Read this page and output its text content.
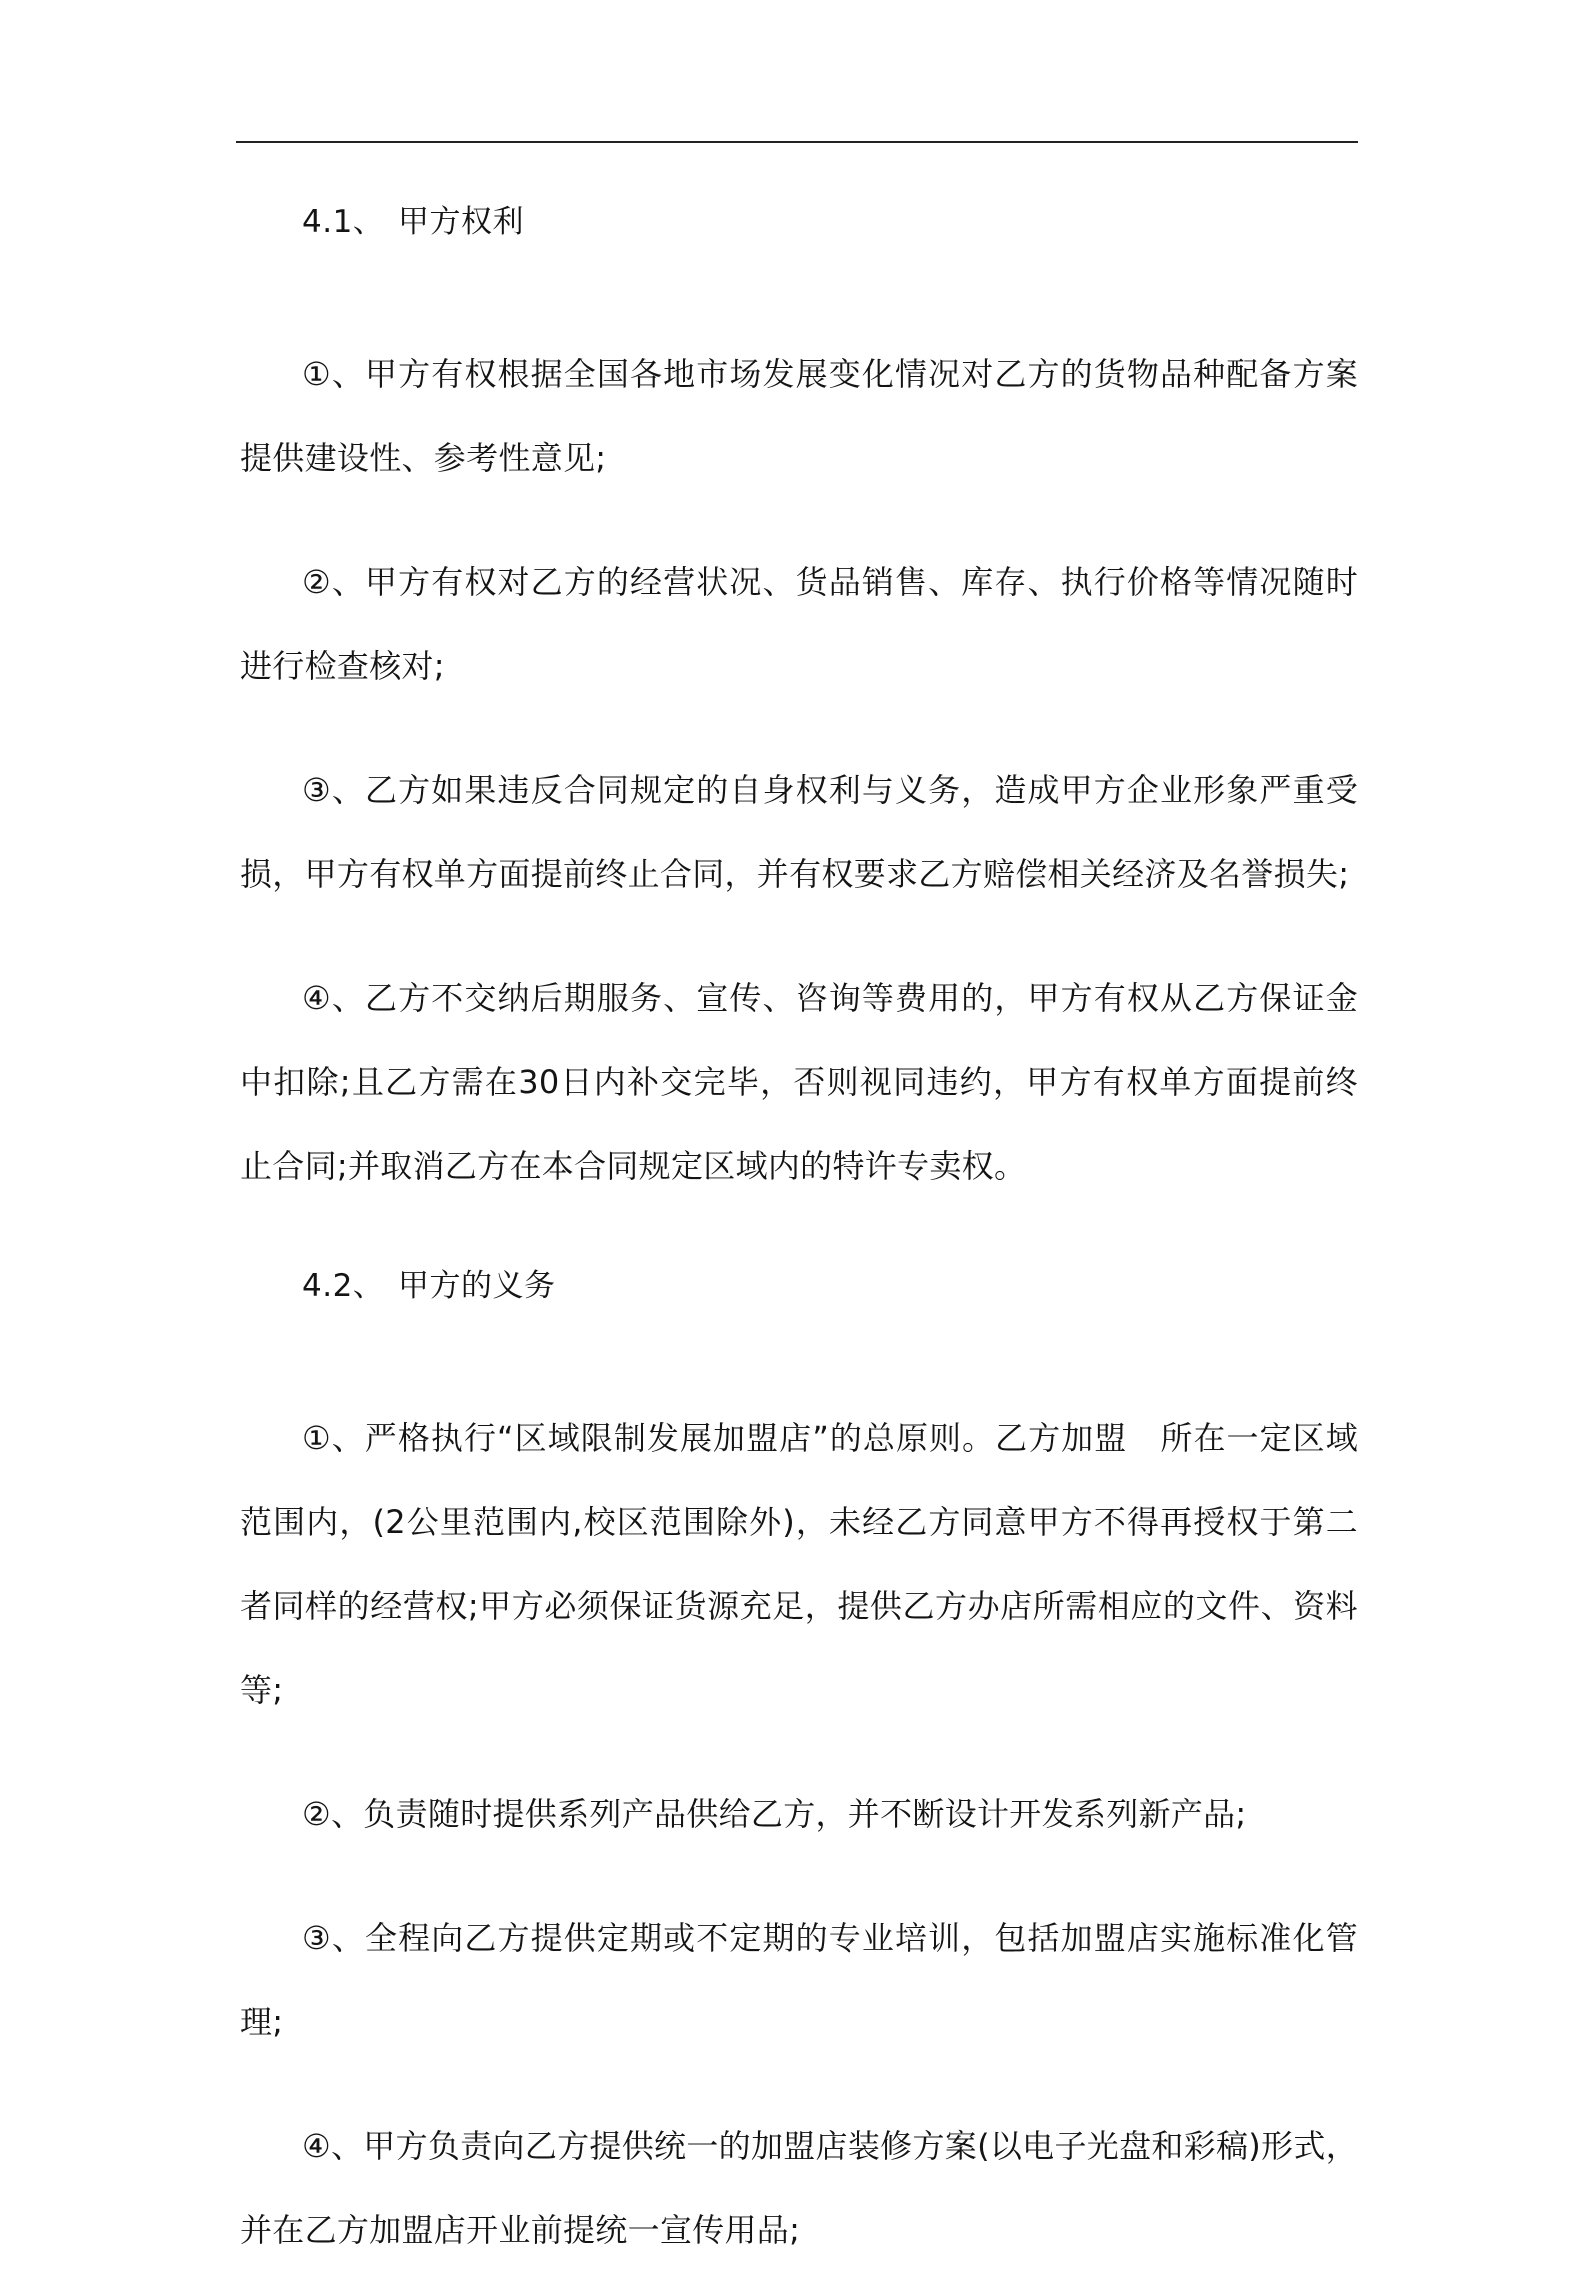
4.1、 甲方权利

①、甲方有权根据全国各地市场发展变化情况对乙方的货物品种配备方案提供建设性、参考性意见;

②、甲方有权对乙方的经营状况、货品销售、库存、执行价格等情况随时进行检查核对;

③、乙方如果违反合同规定的自身权利与义务，造成甲方企业形象严重受损，甲方有权单方面提前终止合同，并有权要求乙方赔偿相关经济及名誉损失;

④、乙方不交纳后期服务、宣传、咨询等费用的，甲方有权从乙方保证金中扣除;且乙方需在30日内补交完毕，否则视同违约，甲方有权单方面提前终止合同;并取消乙方在本合同规定区域内的特许专卖权。

4.2、 甲方的义务

①、严格执行“区域限制发展加盟店”的总原则。乙方加盟　所在一定区域范围内，(2公里范围内,校区范围除外)，未经乙方同意甲方不得再授权于第二者同样的经营权;甲方必须保证货源充足，提供乙方办店所需相应的文件、资料等;

②、负责随时提供系列产品供给乙方，并不断设计开发系列新产品;

③、全程向乙方提供定期或不定期的专业培训，包括加盟店实施标准化管理;

④、甲方负责向乙方提供统一的加盟店装修方案(以电子光盘和彩稿)形式，并在乙方加盟店开业前提统一宣传用品;
